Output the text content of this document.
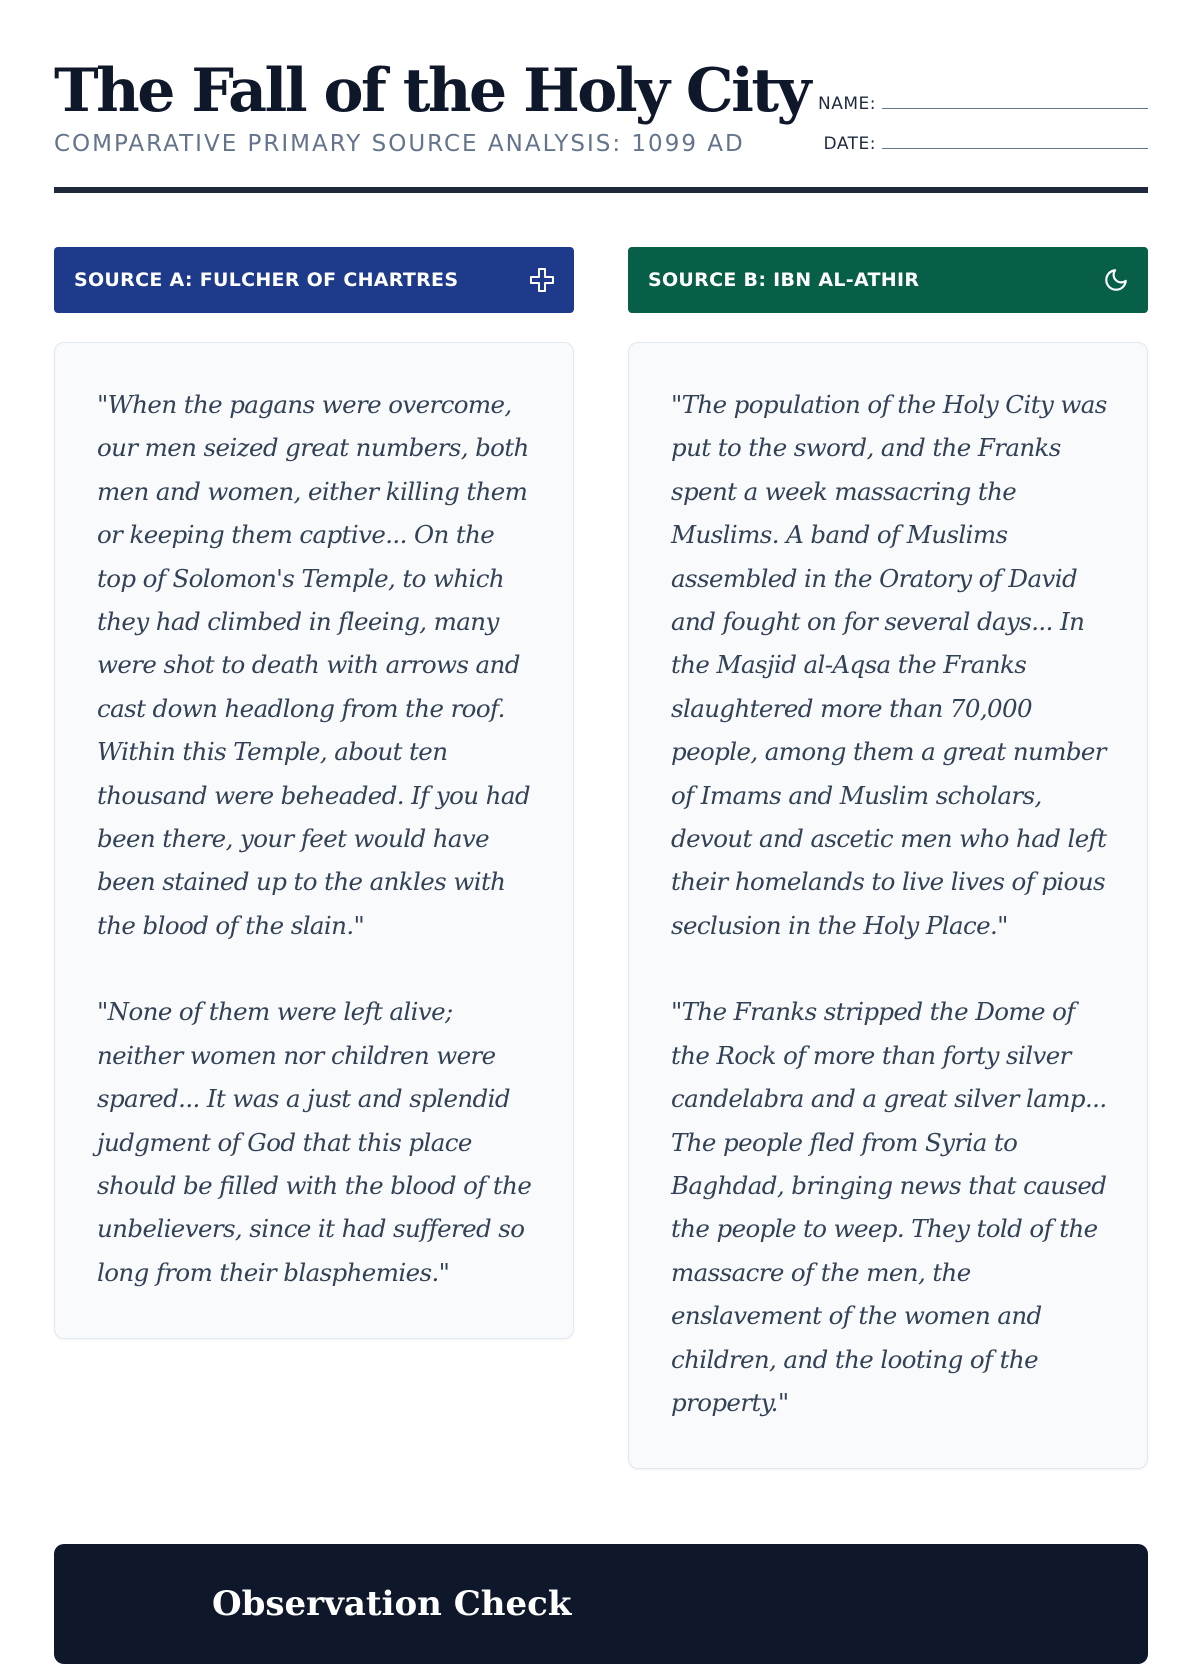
The Fall of the Holy City
COMPARATIVE PRIMARY SOURCE ANALYSIS: 1099 AD
NAME:
DATE:
SOURCE A: FULCHER OF CHARTRES

"When the pagans were overcome, our men seized great numbers, both men and women, either killing them or keeping them captive... On the top of Solomon's Temple, to which they had climbed in fleeing, many were shot to death with arrows and cast down headlong from the roof. Within this Temple, about ten thousand were beheaded. If you had been there, your feet would have been stained up to the ankles with the blood of the slain."

"None of them were left alive; neither women nor children were spared... It was a just and splendid judgment of God that this place should be filled with the blood of the unbelievers, since it had suffered so long from their blasphemies."

SOURCE B: IBN AL-ATHIR

"The population of the Holy City was put to the sword, and the Franks spent a week massacring the Muslims. A band of Muslims assembled in the Oratory of David and fought on for several days... In the Masjid al-Aqsa the Franks slaughtered more than 70,000 people, among them a great number of Imams and Muslim scholars, devout and ascetic men who had left their homelands to live lives of pious seclusion in the Holy Place."

"The Franks stripped the Dome of the Rock of more than forty silver candelabra and a great silver lamp... The people fled from Syria to Baghdad, bringing news that caused the people to weep. They told of the massacre of the men, the enslavement of the women and children, and the looting of the property."

Observation Check
